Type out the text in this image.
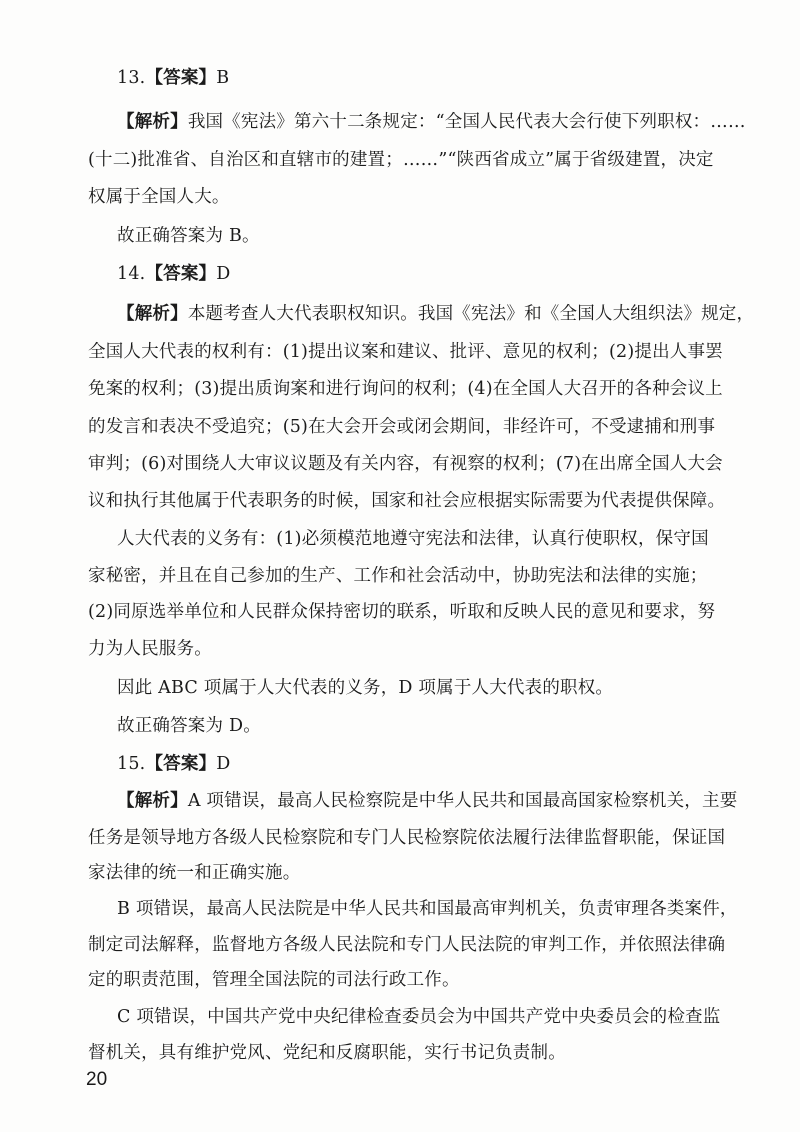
13.【答案】B
【解析】我国《宪法》第六十二条规定：“全国人民代表大会行使下列职权：……
(十二)批准省、自治区和直辖市的建置；……”“陕西省成立”属于省级建置，决定
权属于全国人大。
故正确答案为 B。
14.【答案】D
【解析】本题考查人大代表职权知识。我国《宪法》和《全国人大组织法》规定，
全国人大代表的权利有：(1)提出议案和建议、批评、意见的权利；(2)提出人事罢
免案的权利；(3)提出质询案和进行询问的权利；(4)在全国人大召开的各种会议上
的发言和表决不受追究；(5)在大会开会或闭会期间，非经许可，不受逮捕和刑事
审判；(6)对围绕人大审议议题及有关内容，有视察的权利；(7)在出席全国人大会
议和执行其他属于代表职务的时候，国家和社会应根据实际需要为代表提供保障。
人大代表的义务有：(1)必须模范地遵守宪法和法律，认真行使职权，保守国
家秘密，并且在自己参加的生产、工作和社会活动中，协助宪法和法律的实施；
(2)同原选举单位和人民群众保持密切的联系，听取和反映人民的意见和要求，努
力为人民服务。
因此 ABC 项属于人大代表的义务，D 项属于人大代表的职权。
故正确答案为 D。
15.【答案】D
【解析】A 项错误，最高人民检察院是中华人民共和国最高国家检察机关，主要
任务是领导地方各级人民检察院和专门人民检察院依法履行法律监督职能，保证国
家法律的统一和正确实施。
B 项错误，最高人民法院是中华人民共和国最高审判机关，负责审理各类案件，
制定司法解释，监督地方各级人民法院和专门人民法院的审判工作，并依照法律确
定的职责范围，管理全国法院的司法行政工作。
C 项错误，中国共产党中央纪律检查委员会为中国共产党中央委员会的检查监
督机关，具有维护党风、党纪和反腐职能，实行书记负责制。
20
